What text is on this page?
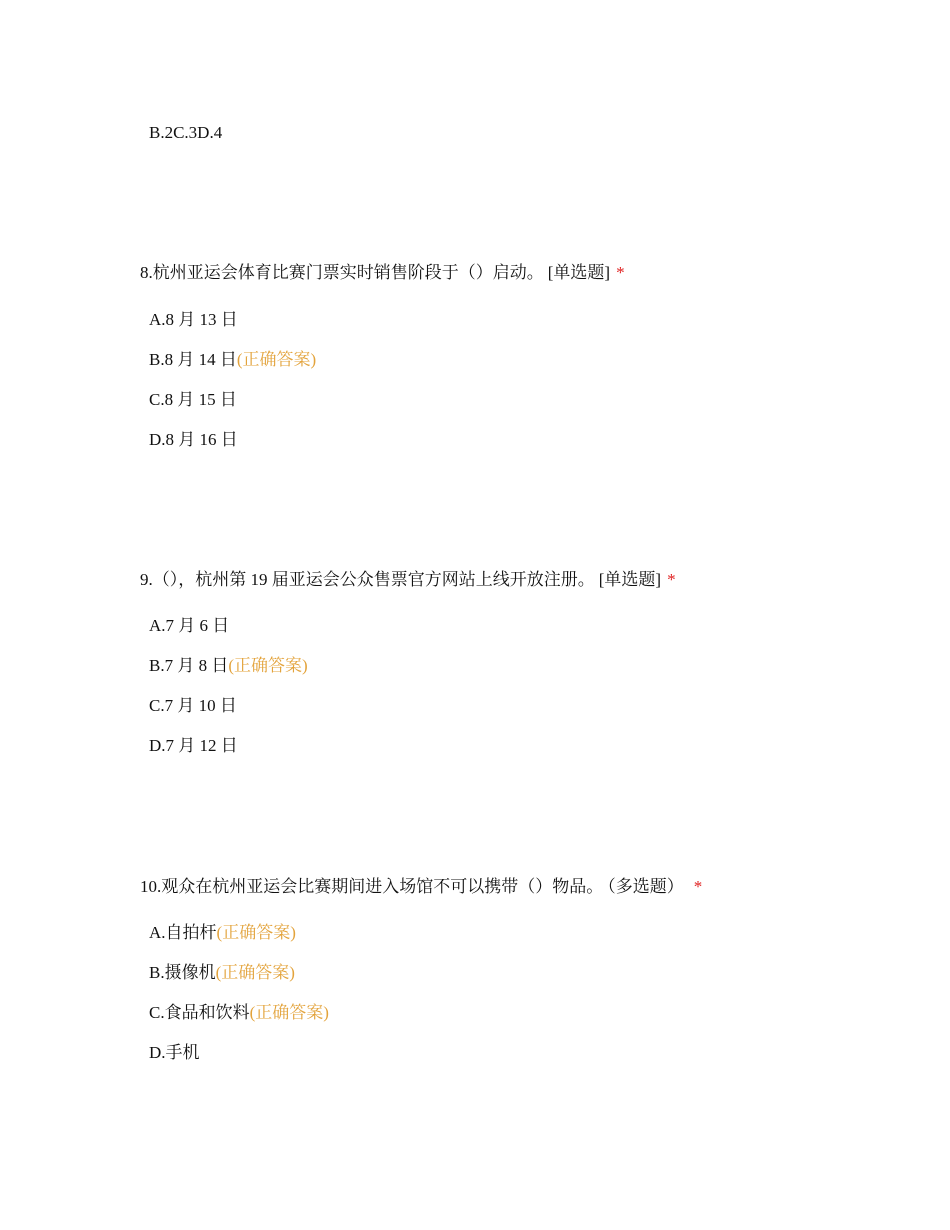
B.2C.3D.4
8.杭州亚运会体育比赛门票实时销售阶段于（）启动。 [单选题] *
A.8 月 13 日
B.8 月 14 日(正确答案)
C.8 月 15 日
D.8 月 16 日
9.（），杭州第 19 届亚运会公众售票官方网站上线开放注册。 [单选题] *
A.7 月 6 日
B.7 月 8 日(正确答案)
C.7 月 10 日
D.7 月 12 日
10.观众在杭州亚运会比赛期间进入场馆不可以携带（）物品。 （多选题） *
A.自拍杆(正确答案)
B.摄像机(正确答案)
C.食品和饮料(正确答案)
D.手机
